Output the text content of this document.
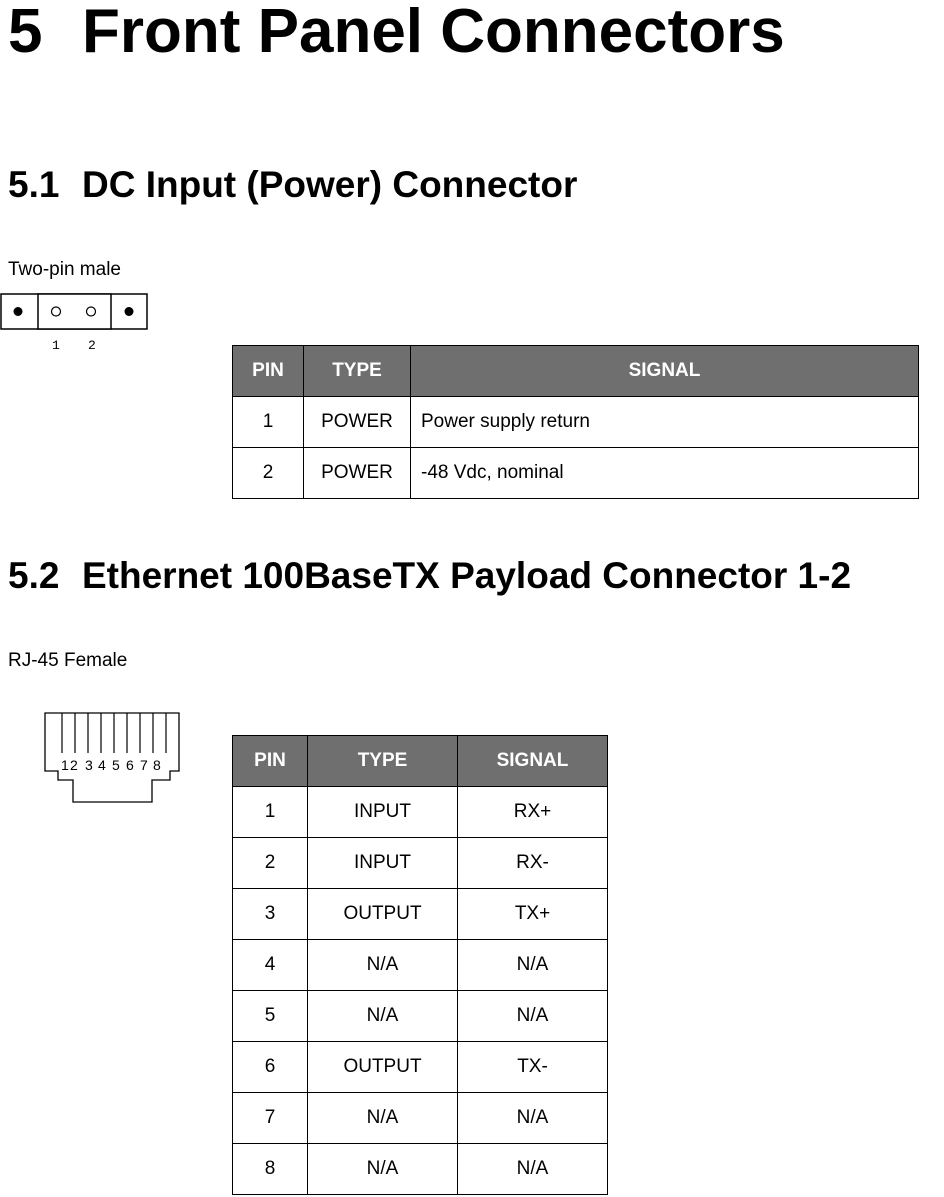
5 Front Panel Connectors
5.1 DC Input (Power) Connector
Two-pin male
1 2
PIN	TYPE	SIGNAL
1	POWER	Power supply return
2	POWER	-48 Vdc, nominal
5.2 Ethernet 100BaseTX Payload Connector 1-2
RJ-45 Female
1 2 3 4 5 6 7 8	PIN	TYPE	SIGNAL
1	INPUT	RX+
2	INPUT	RX-
3	OUTPUT	TX+
4	N/A	N/A
5	N/A	N/A
6	OUTPUT	TX-
7	N/A	N/A
8	N/A	N/A
